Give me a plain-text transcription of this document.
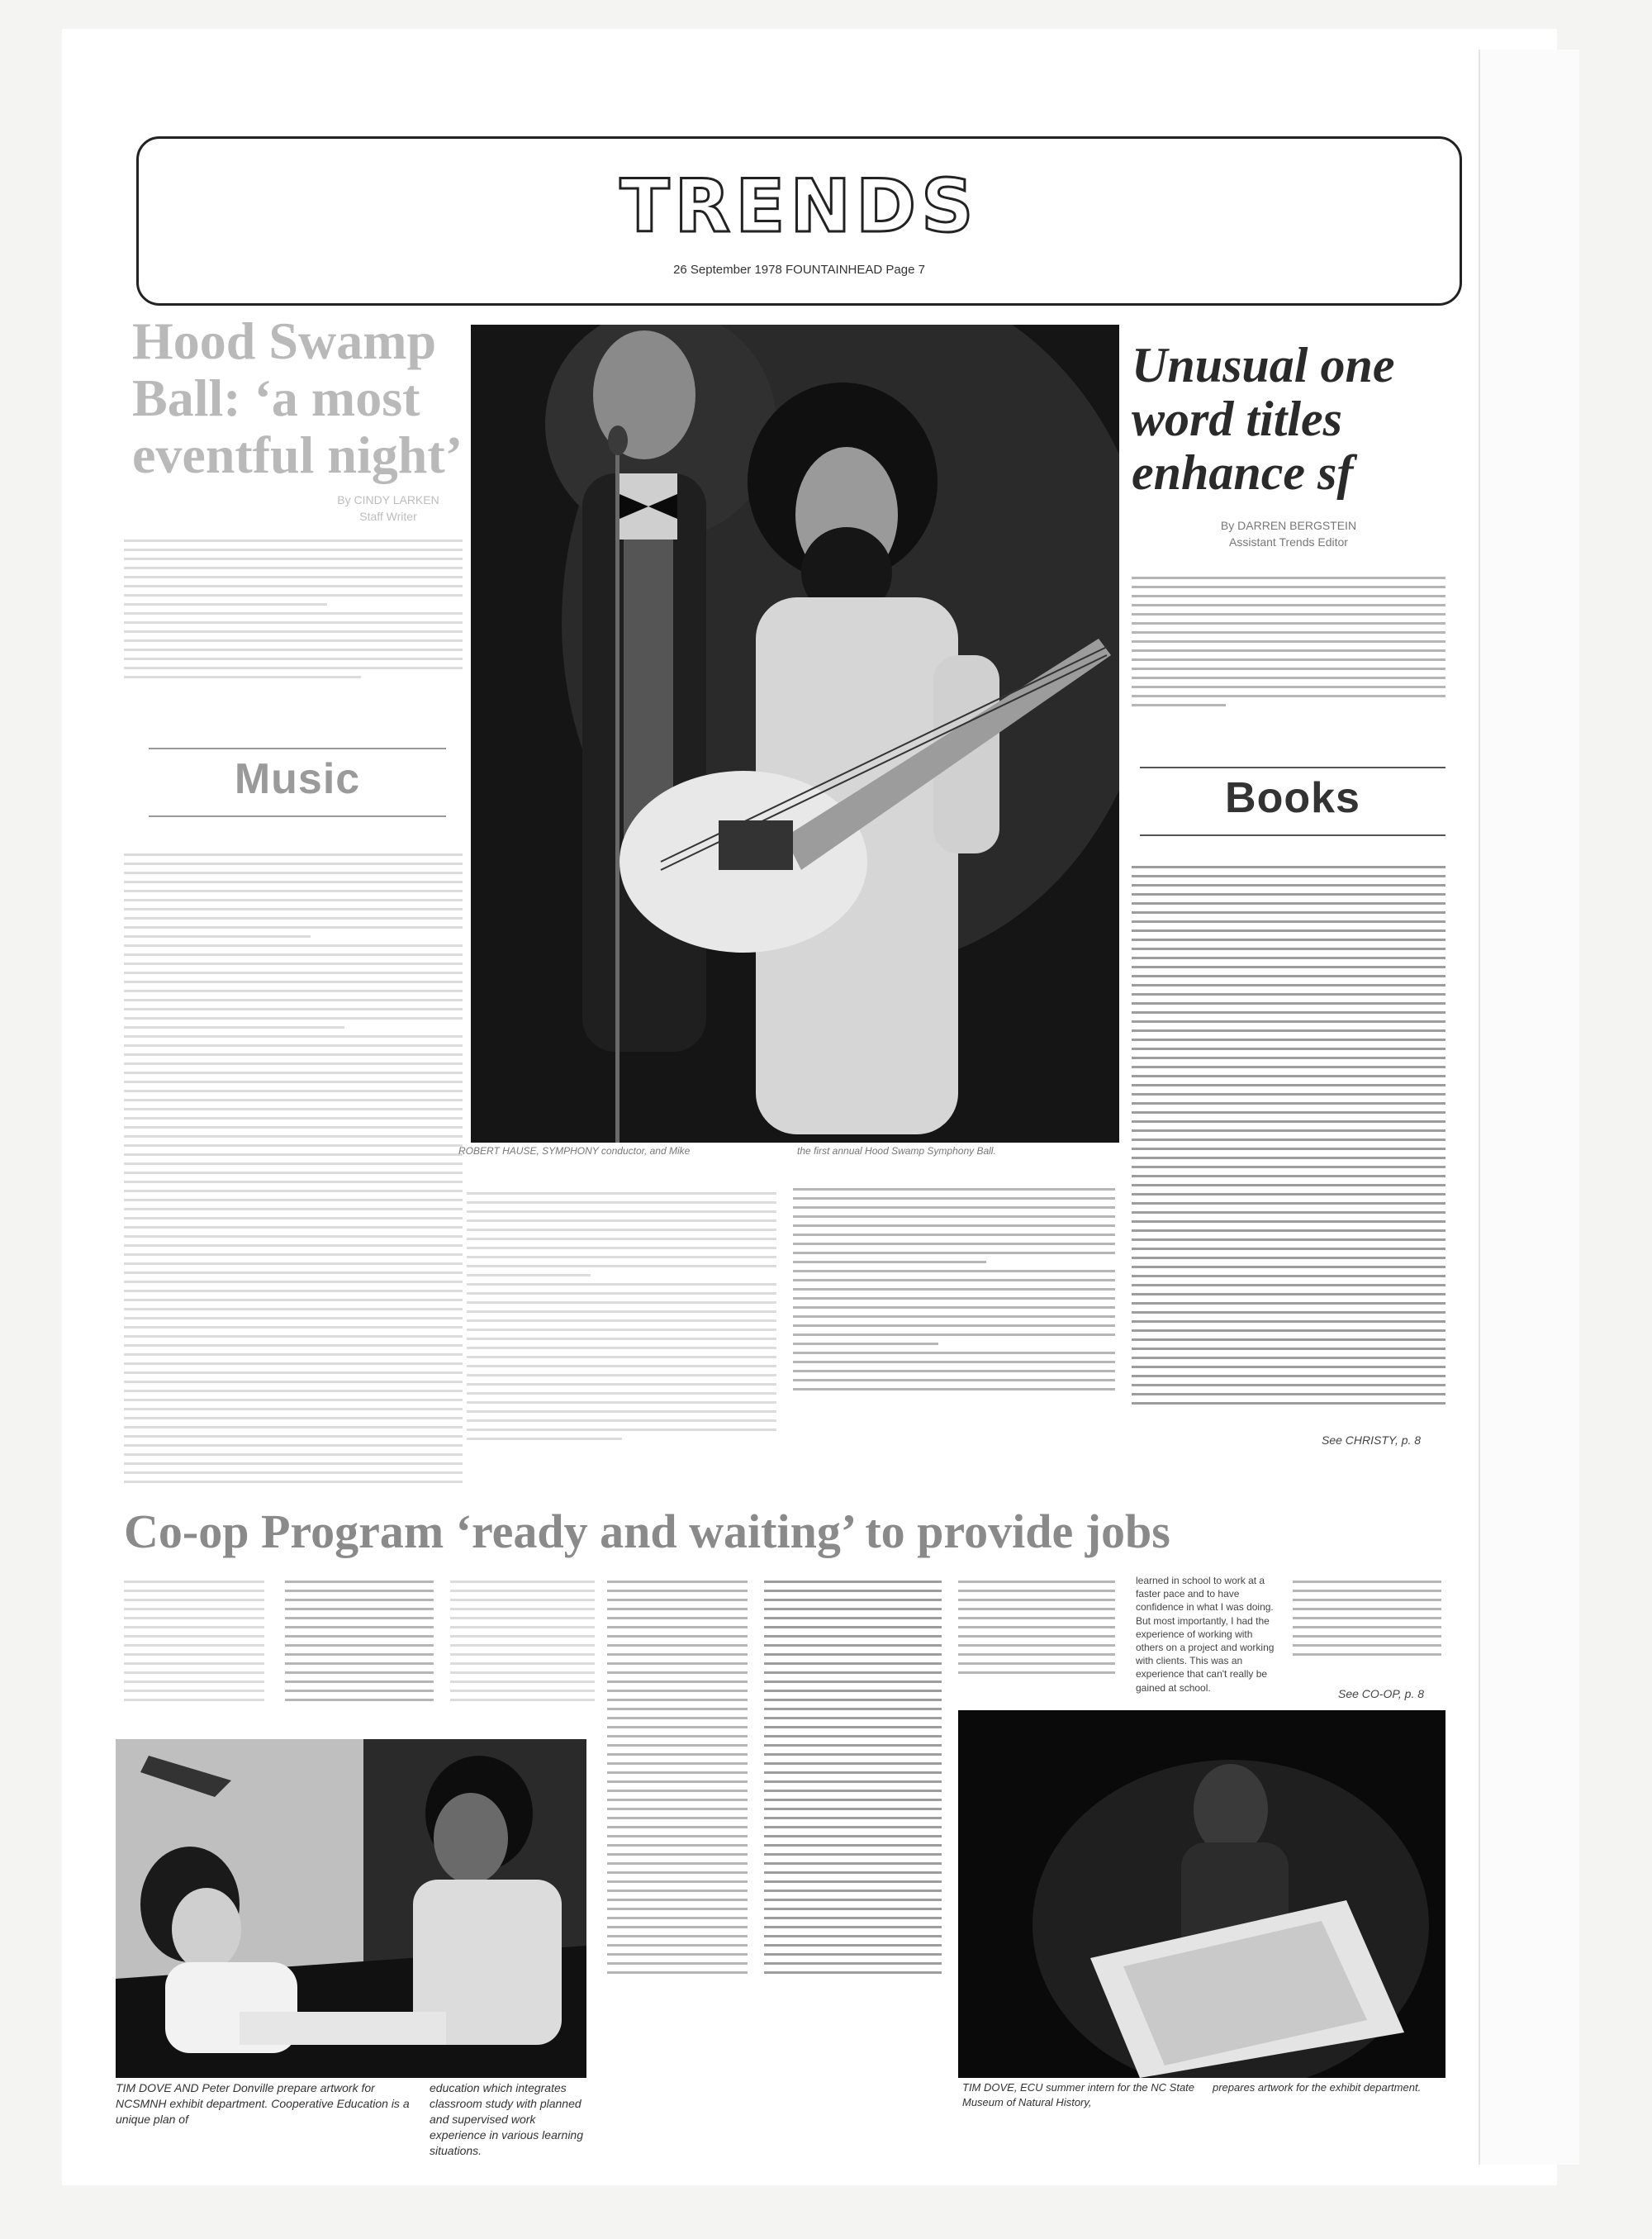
TRENDS
26 September 1978 FOUNTAINHEAD Page 7
Hood Swamp Ball: ‘a most eventful night’
By CINDY LARKEN
Staff Writer
Music
ROBERT HAUSE, SYMPHONY conductor, and Mike	the first annual Hood Swamp Symphony Ball.
Unusual one word titles enhance sf
By DARREN BERGSTEIN
Assistant Trends Editor
Books
See CHRISTY, p. 8
Co-op Program ‘ready and waiting’ to provide jobs
learned in school to work at a faster pace and to have confidence in what I was doing. But most importantly, I had the experience of working with others on a project and working with clients. This was an experience that can't really be gained at school.	See CO-OP, p. 8
TIM DOVE AND Peter Donville prepare artwork for NCSMNH exhibit department. Cooperative Education is a unique plan of
education which integrates classroom study with planned and supervised work experience in various learning situations.
TIM DOVE, ECU summer intern for the NC State Museum of Natural History,
prepares artwork for the exhibit department.
